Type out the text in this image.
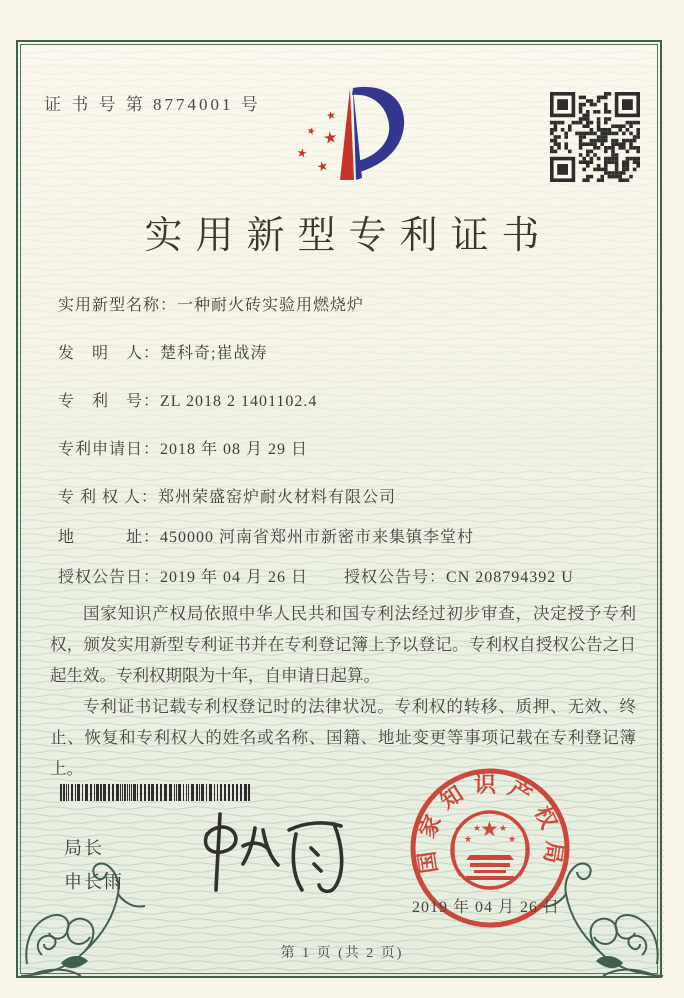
证 书 号 第 8774001 号
★
★ ★
★
★
实用新型专利证书
实用新型名称：一种耐火砖实验用燃烧炉
发　明　人：楚科奇;崔战涛
专　利　号：ZL 2018 2 1401102.4
专利申请日：2018 年 08 月 29 日
专 利 权 人：郑州荣盛窑炉耐火材料有限公司
地　　　址：450000 河南省郑州市新密市来集镇李堂村
授权公告日：2019 年 04 月 26 日 授权公告号：CN 208794392 U

国家知识产权局依照中华人民共和国专利法经过初步审查，决定授予专利权，颁发实用新型专利证书并在专利登记簿上予以登记。专利权自授权公告之日起生效。专利权期限为十年，自申请日起算。

专利证书记载专利权登记时的法律状况。专利权的转移、质押、无效、终止、恢复和专利权人的姓名或名称、国籍、地址变更等事项记载在专利登记簿上。

局长
申长雨
国家知识产权局
★
★
★ ★
★
2019 年 04 月 26 日
第 1 页 (共 2 页)
